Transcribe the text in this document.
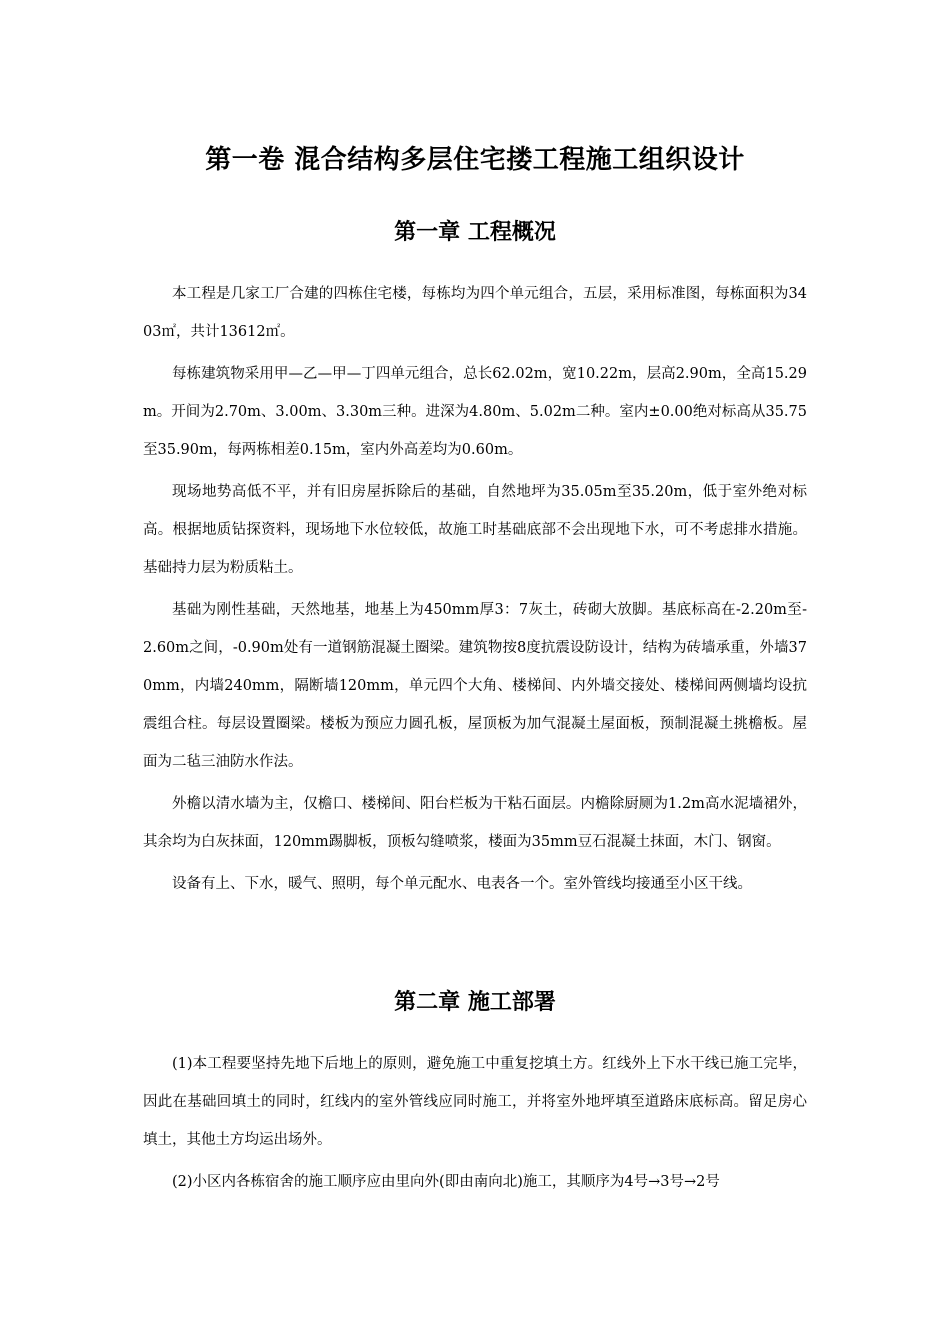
第一卷 混合结构多层住宅搂工程施工组织设计
第一章 工程概况

本工程是几家工厂合建的四栋住宅楼，每栋均为四个单元组合，五层，采用标准图，每栋面积为3403㎡，共计13612㎡。

每栋建筑物采用甲—乙—甲—丁四单元组合，总长62.02m，宽10.22m，层高2.90m，全高15.29m。开间为2.70m、3.00m、3.30m三种。进深为4.80m、5.02m二种。室内±0.00绝对标高从35.75至35.90m，每两栋相差0.15m，室内外高差均为0.60m。

现场地势高低不平，并有旧房屋拆除后的基础，自然地坪为35.05m至35.20m，低于室外绝对标高。根据地质钻探资料，现场地下水位较低，故施工时基础底部不会出现地下水，可不考虑排水措施。基础持力层为粉质粘土。

基础为刚性基础，天然地基，地基上为450mm厚3：7灰土，砖砌大放脚。基底标高在-2.20m至-2.60m之间，-0.90m处有一道钢筋混凝土圈梁。建筑物按8度抗震设防设计，结构为砖墙承重，外墙370mm，内墙240mm，隔断墙120mm，单元四个大角、楼梯间、内外墙交接处、楼梯间两侧墙均设抗震组合柱。每层设置圈梁。楼板为预应力圆孔板，屋顶板为加气混凝土屋面板，预制混凝土挑檐板。屋面为二毡三油防水作法。

外檐以清水墙为主，仅檐口、楼梯间、阳台栏板为干粘石面层。内檐除厨厕为1.2m高水泥墙裙外，其余均为白灰抹面，120mm踢脚板，顶板勾缝喷浆，楼面为35mm豆石混凝土抹面，木门、钢窗。

设备有上、下水，暖气、照明，每个单元配水、电表各一个。室外管线均接通至小区干线。

第二章 施工部署

(1)本工程要坚持先地下后地上的原则，避免施工中重复挖填土方。红线外上下水干线已施工完毕，因此在基础回填土的同时，红线内的室外管线应同时施工，并将室外地坪填至道路床底标高。留足房心填土，其他土方均运出场外。

(2)小区内各栋宿舍的施工顺序应由里向外(即由南向北)施工，其顺序为4号→3号→2号
